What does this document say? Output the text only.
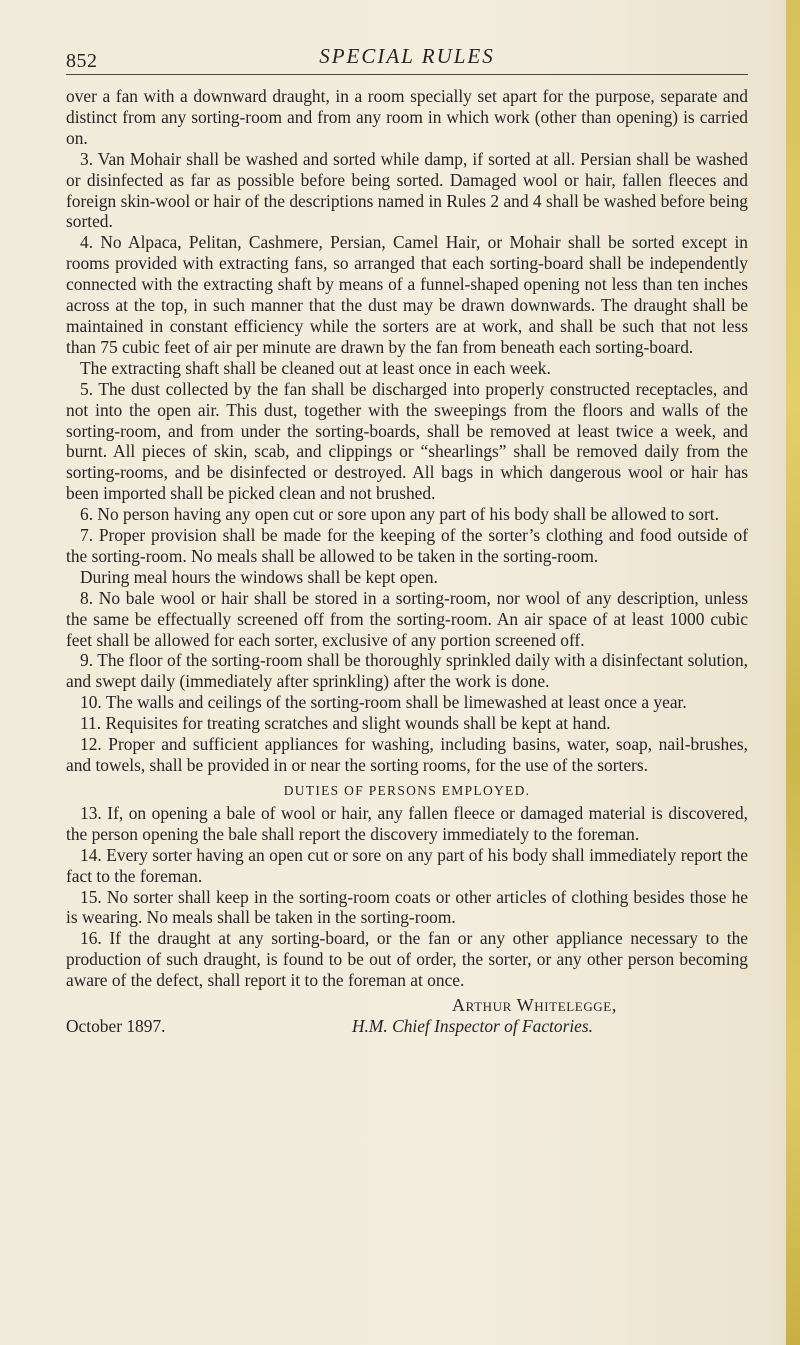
852	SPECIAL RULES

over a fan with a downward draught, in a room specially set apart for the purpose, separate and distinct from any sorting-room and from any room in which work (other than opening) is carried on.

3. Van Mohair shall be washed and sorted while damp, if sorted at all. Persian shall be washed or disinfected as far as possible before being sorted. Damaged wool or hair, fallen fleeces and foreign skin-wool or hair of the descriptions named in Rules 2 and 4 shall be washed before being sorted.

4. No Alpaca, Pelitan, Cashmere, Persian, Camel Hair, or Mohair shall be sorted except in rooms provided with extracting fans, so arranged that each sorting-board shall be independently connected with the extracting shaft by means of a funnel-shaped opening not less than ten inches across at the top, in such manner that the dust may be drawn downwards. The draught shall be maintained in constant efficiency while the sorters are at work, and shall be such that not less than 75 cubic feet of air per minute are drawn by the fan from beneath each sorting-board.

The extracting shaft shall be cleaned out at least once in each week.

5. The dust collected by the fan shall be discharged into properly constructed receptacles, and not into the open air. This dust, together with the sweepings from the floors and walls of the sorting-room, and from under the sorting-boards, shall be removed at least twice a week, and burnt. All pieces of skin, scab, and clippings or “shearlings” shall be removed daily from the sorting-rooms, and be disinfected or destroyed. All bags in which dangerous wool or hair has been imported shall be picked clean and not brushed.

6. No person having any open cut or sore upon any part of his body shall be allowed to sort.

7. Proper provision shall be made for the keeping of the sorter’s clothing and food outside of the sorting-room. No meals shall be allowed to be taken in the sorting-room.

During meal hours the windows shall be kept open.

8. No bale wool or hair shall be stored in a sorting-room, nor wool of any description, unless the same be effectually screened off from the sorting-room. An air space of at least 1000 cubic feet shall be allowed for each sorter, exclusive of any portion screened off.

9. The floor of the sorting-room shall be thoroughly sprinkled daily with a disinfectant solution, and swept daily (immediately after sprinkling) after the work is done.

10. The walls and ceilings of the sorting-room shall be limewashed at least once a year.

11. Requisites for treating scratches and slight wounds shall be kept at hand.

12. Proper and sufficient appliances for washing, including basins, water, soap, nail-brushes, and towels, shall be provided in or near the sorting rooms, for the use of the sorters.

DUTIES OF PERSONS EMPLOYED.

13. If, on opening a bale of wool or hair, any fallen fleece or damaged material is discovered, the person opening the bale shall report the discovery immediately to the foreman.

14. Every sorter having an open cut or sore on any part of his body shall immediately report the fact to the foreman.

15. No sorter shall keep in the sorting-room coats or other articles of clothing besides those he is wearing. No meals shall be taken in the sorting-room.

16. If the draught at any sorting-board, or the fan or any other appliance necessary to the production of such draught, is found to be out of order, the sorter, or any other person becoming aware of the defect, shall report it to the foreman at once.

Arthur Whitelegge,
October 1897.	H.M. Chief Inspector of Factories.
